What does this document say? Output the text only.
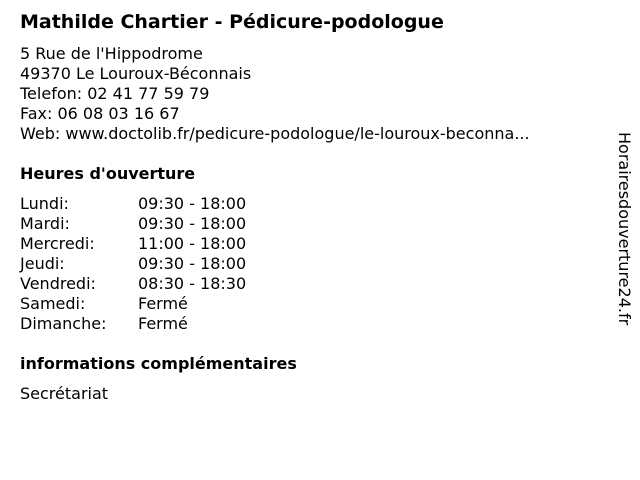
Mathilde Chartier - Pédicure-podologue
5 Rue de l'Hippodrome
49370 Le Louroux-Béconnais
Telefon: 02 41 77 59 79
Fax: 06 08 03 16 67
Web: www.doctolib.fr/pedicure-podologue/le-louroux-beconna...
Heures d'ouverture
Lundi:	09:30 - 18:00
Mardi:	09:30 - 18:00
Mercredi:	11:00 - 18:00
Jeudi:	09:30 - 18:00
Vendredi:	08:30 - 18:30
Samedi:	Fermé
Dimanche:	Fermé
informations complémentaires
Secrétariat
Horairesdouverture24.fr
